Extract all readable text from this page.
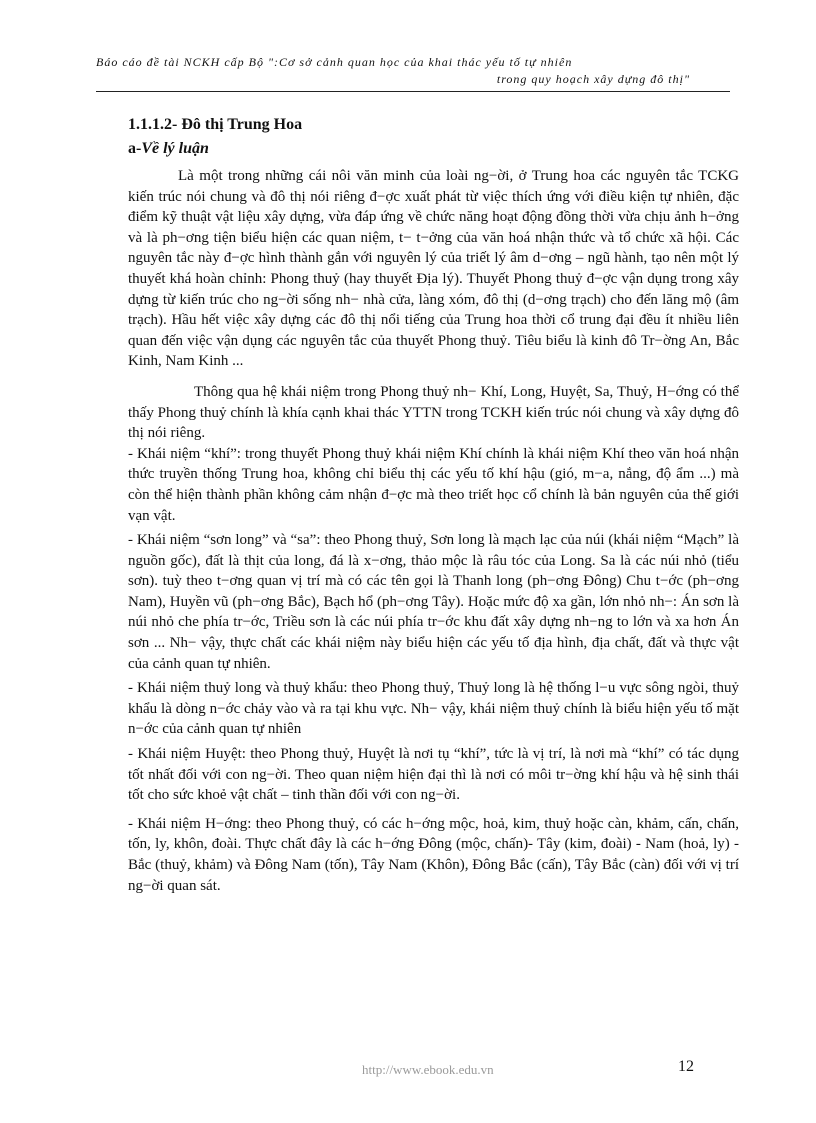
Báo cáo đề tài NCKH cấp Bộ ":Cơ sở cảnh quan học của khai thác yếu tố tự nhiên
trong quy hoạch xây dựng đô thị"
1.1.1.2- Đô thị Trung Hoa
a-Về lý luận

Là một trong những cái nôi văn minh của loài ng−ời, ở Trung hoa các nguyên tắc TCKG kiến trúc nói chung và đô thị nói riêng đ−ợc xuất phát từ việc thích ứng với điều kiện tự nhiên, đặc điểm kỹ thuật vật liệu xây dựng, vừa đáp ứng về chức năng hoạt động đồng thời vừa chịu ảnh h−ởng và là ph−ơng tiện biểu hiện các quan niệm, t− t−ởng của văn hoá nhận thức và tổ chức xã hội. Các nguyên tắc này đ−ợc hình thành gắn với nguyên lý của triết lý âm d−ơng – ngũ hành, tạo nên một lý thuyết khá hoàn chỉnh: Phong thuỷ (hay thuyết Địa lý). Thuyết Phong thuỷ đ−ợc vận dụng trong xây dựng từ kiến trúc cho ng−ời sống nh− nhà cửa, làng xóm, đô thị (d−ơng trạch) cho đến lăng mộ (âm trạch). Hầu hết việc xây dựng các đô thị nổi tiếng của Trung hoa thời cổ trung đại đều ít nhiều liên quan đến việc vận dụng các nguyên tắc của thuyết Phong thuỷ. Tiêu biểu là kinh đô Tr−ờng An, Bắc Kinh, Nam Kinh ...

Thông qua hệ khái niệm trong Phong thuỷ nh− Khí, Long, Huyệt, Sa, Thuỷ, H−ớng có thể thấy Phong thuỷ chính là khía cạnh khai thác YTTN trong TCKH kiến trúc nói chung và xây dựng đô thị nói riêng.

- Khái niệm “khí”: trong thuyết Phong thuỷ khái niệm Khí chính là khái niệm Khí theo văn hoá nhận thức truyền thống Trung hoa, không chỉ biểu thị các yếu tố khí hậu (gió, m−a, nắng, độ ẩm ...) mà còn thể hiện thành phần không cảm nhận đ−ợc mà theo triết học cổ chính là bản nguyên của thế giới vạn vật.

- Khái niệm “sơn long” và “sa”: theo Phong thuỷ, Sơn long là mạch lạc của núi (khái niệm “Mạch” là nguồn gốc), đất là thịt của long, đá là x−ơng, thảo mộc là râu tóc của Long. Sa là các núi nhỏ (tiểu sơn). tuỳ theo t−ơng quan vị trí mà có các tên gọi là Thanh long (ph−ơng Đông) Chu t−ớc (ph−ơng Nam), Huyền vũ (ph−ơng Bắc), Bạch hổ (ph−ơng Tây). Hoặc mức độ xa gần, lớn nhỏ nh−: Án sơn là núi nhỏ che phía tr−ớc, Triều sơn là các núi phía tr−ớc khu đất xây dựng nh−ng to lớn và xa hơn Án sơn ... Nh− vậy, thực chất các khái niệm này biểu hiện các yếu tố địa hình, địa chất, đất và thực vật của cảnh quan tự nhiên.

- Khái niệm thuỷ long và thuỷ khẩu: theo Phong thuỷ, Thuỷ long là hệ thống l−u vực sông ngòi, thuỷ khẩu là dòng n−ớc chảy vào và ra tại khu vực. Nh− vậy, khái niệm thuỷ chính là biểu hiện yếu tố mặt n−ớc của cảnh quan tự nhiên

- Khái niệm Huyệt: theo Phong thuỷ, Huyệt là nơi tụ “khí”, tức là vị trí, là nơi mà “khí” có tác dụng tốt nhất đối với con ng−ời. Theo quan niệm hiện đại thì là nơi có môi tr−ờng khí hậu và hệ sinh thái tốt cho sức khoẻ vật chất – tinh thần đối với con ng−ời.

- Khái niệm H−ớng: theo Phong thuỷ, có các h−ớng mộc, hoả, kim, thuỷ hoặc càn, khảm, cấn, chấn, tốn, ly, khôn, đoài. Thực chất đây là các h−ớng Đông (mộc, chấn)- Tây (kim, đoài) - Nam (hoả, ly) - Bắc (thuỷ, khảm) và Đông Nam (tốn), Tây Nam (Khôn), Đông Bắc (cấn), Tây Bắc (càn) đối với vị trí ng−ời quan sát.

http://www.ebook.edu.vn	12
